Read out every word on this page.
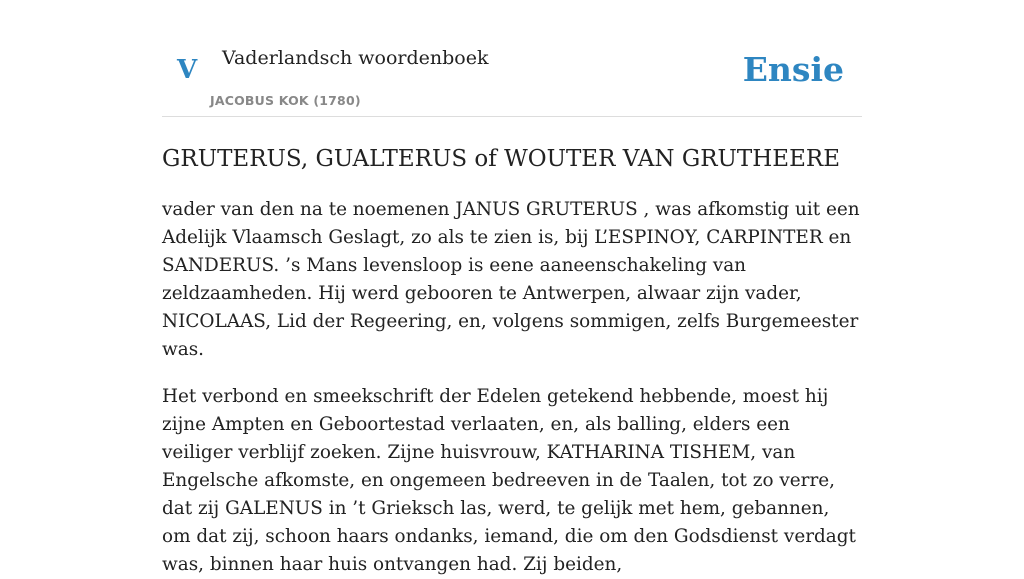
V Vaderlandsch woordenboek
JACOBUS KOK (1780)
Ensie
GRUTERUS, GUALTERUS of WOUTER VAN GRUTHEERE

vader van den na te noemenen JANUS GRUTERUS , was afkomstig uit een Adelijk Vlaamsch Geslagt, zo als te zien is, bij L’ESPINOY, CARPINTER en SANDERUS. ’s Mans levensloop is eene aaneenschakeling van zeldzaamheden. Hij werd gebooren te Antwerpen, alwaar zijn vader, NICOLAAS, Lid der Regeering, en, volgens sommigen, zelfs Burgemeester was.

Het verbond en smeekschrift der Edelen getekend hebbende, moest hij zijne Ampten en Geboortestad verlaaten, en, als balling, elders een veiliger verblijf zoeken. Zijne huisvrouw, KATHARINA TISHEM, van Engelsche afkomste, en ongemeen bedreeven in de Taalen, tot zo verre, dat zij GALENUS in ’t Grieksch las, werd, te gelijk met hem, gebannen, om dat zij, schoon haars ondanks, iemand, die om den Godsdienst verdagt was, binnen haar huis ontvangen had. Zij beiden,
